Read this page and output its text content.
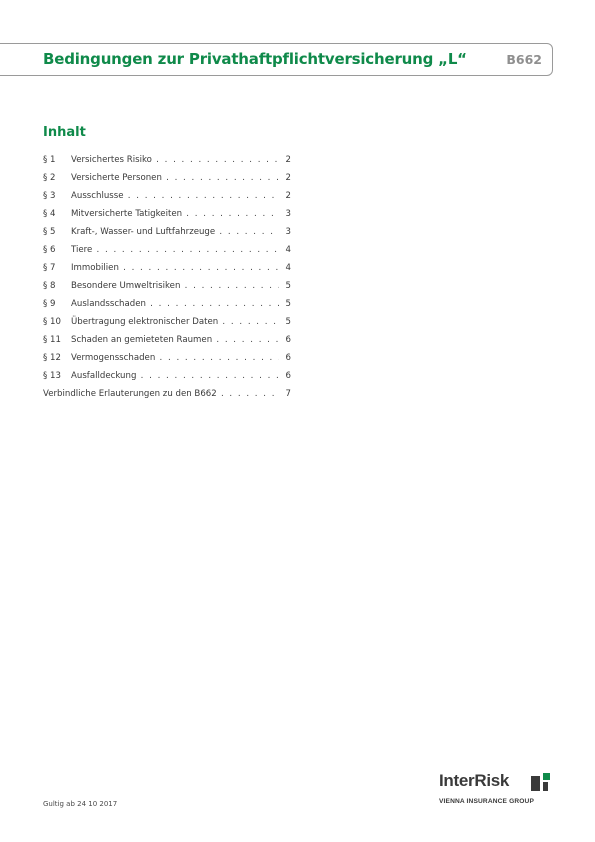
Bedingungen zur Privathaftpflichtversicherung „L“	B662
Inhalt
§ 1 Versichertes Risiko . . .	2
§ 2 Versicherte Personen . . .	2
§ 3 Ausschlusse . . .	2
§ 4 Mitversicherte Tatigkeiten . . .	3
§ 5 Kraft-, Wasser- und Luftfahrzeuge . . .	3
§ 6 Tiere . . .	4
§ 7 Immobilien . . .	4
§ 8 Besondere Umweltrisiken . . .	5
§ 9 Auslandsschaden . . .	5
§ 10 Übertragung elektronischer Daten . . .	5
§ 11 Schaden an gemieteten Raumen . . .	6
§ 12 Vermogensschaden . . .	6
§ 13 Ausfalldeckung . . .	6
Verbindliche Erlauterungen zu den B662 . . .	7
Gultig ab 24 10 2017
InterRisk
VIENNA INSURANCE GROUP
